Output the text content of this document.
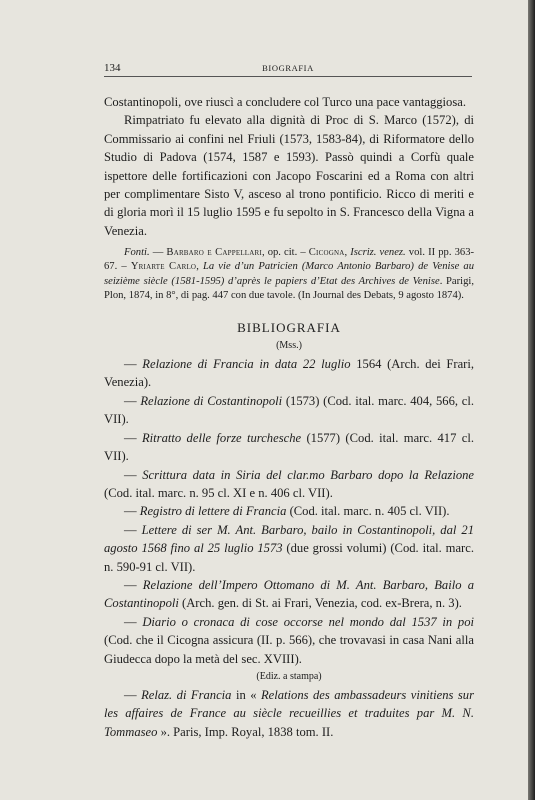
134	BIOGRAFIA

Costantinopoli, ove riuscì a concludere col Turco una pace vantaggiosa.

Rimpatriato fu elevato alla dignità di Proc di S. Marco (1572), di Commissario ai confini nel Friuli (1573, 1583-84), di Riformatore dello Studio di Padova (1574, 1587 e 1593). Passò quindi a Corfù quale ispettore delle fortificazioni con Jacopo Foscarini ed a Roma con altri per complimentare Sisto V, asceso al trono pontificio. Ricco di meriti e di gloria morì il 15 luglio 1595 e fu sepolto in S. Francesco della Vigna a Venezia.

Fonti. — Barbaro e Cappellari, op. cit. – Cicogna, Iscriz. venez. vol. II pp. 363-67. – Yriarte Carlo, La vie d’un Patricien (Marco Antonio Barbaro) de Venise au seizième siècle (1581-1595) d’après le papiers d’Etat des Archives de Venise. Parigi, Plon, 1874, in 8°, di pag. 447 con due tavole. (In Journal des Debats, 9 agosto 1874).

BIBLIOGRAFIA

(Mss.)

— Relazione di Francia in data 22 luglio 1564 (Arch. dei Frari, Venezia).

— Relazione di Costantinopoli (1573) (Cod. ital. marc. 404, 566, cl. VII).

— Ritratto delle forze turchesche (1577) (Cod. ital. marc. 417 cl. VII).

— Scrittura data in Siria del clar.mo Barbaro dopo la Relazione (Cod. ital. marc. n. 95 cl. XI e n. 406 cl. VII).

— Registro di lettere di Francia (Cod. ital. marc. n. 405 cl. VII).

— Lettere di ser M. Ant. Barbaro, bailo in Costantinopoli, dal 21 agosto 1568 fino al 25 luglio 1573 (due grossi volumi) (Cod. ital. marc. n. 590-91 cl. VII).

— Relazione dell’Impero Ottomano di M. Ant. Barbaro, Bailo a Costantinopoli (Arch. gen. di St. ai Frari, Venezia, cod. ex-Brera, n. 3).

— Diario o cronaca di cose occorse nel mondo dal 1537 in poi (Cod. che il Cicogna assicura (II. p. 566), che trovavasi in casa Nani alla Giudecca dopo la metà del sec. XVIII).

(Ediz. a stampa)

— Relaz. di Francia in « Relations des ambassadeurs vinitiens sur les affaires de France au siècle recueillies et traduites par M. N. Tommaseo ». Paris, Imp. Royal, 1838 tom. II.
